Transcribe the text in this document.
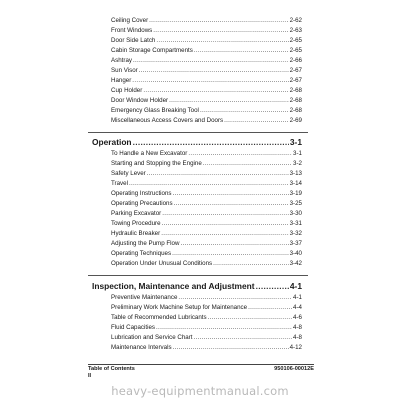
Ceiling Cover .....	2-62
Front Windows .....	2-63
Door Side Latch .....	2-65
Cabin Storage Compartments .....	2-65
Ashtray .....	2-66
Sun Visor .....	2-67
Hanger .....	2-67
Cup Holder .....	2-68
Door Window Holder .....	2-68
Emergency Glass Breaking Tool .....	2-68
Miscellaneous Access Covers and Doors .....	2-69
Operation .....	3-1
To Handle a New Excavator .....	3-1
Starting and Stopping the Engine .....	3-2
Safety Lever .....	3-13
Travel .....	3-14
Operating Instructions .....	3-19
Operating Precautions .....	3-25
Parking Excavator .....	3-30
Towing Procedure .....	3-31
Hydraulic Breaker .....	3-32
Adjusting the Pump Flow .....	3-37
Operating Techniques .....	3-40
Operation Under Unusual Conditions .....	3-42
Inspection, Maintenance and Adjustment .....	4-1
Preventive Maintenance .....	4-1
Preliminary Work Machine Setup for Maintenance .....	4-4
Table of Recommended Lubricants .....	4-6
Fluid Capacities .....	4-8
Lubrication and Service Chart .....	4-8
Maintenance Intervals .....	4-12
Table of Contents
II
950106-00012E
heavy-equipmentmanual.com
